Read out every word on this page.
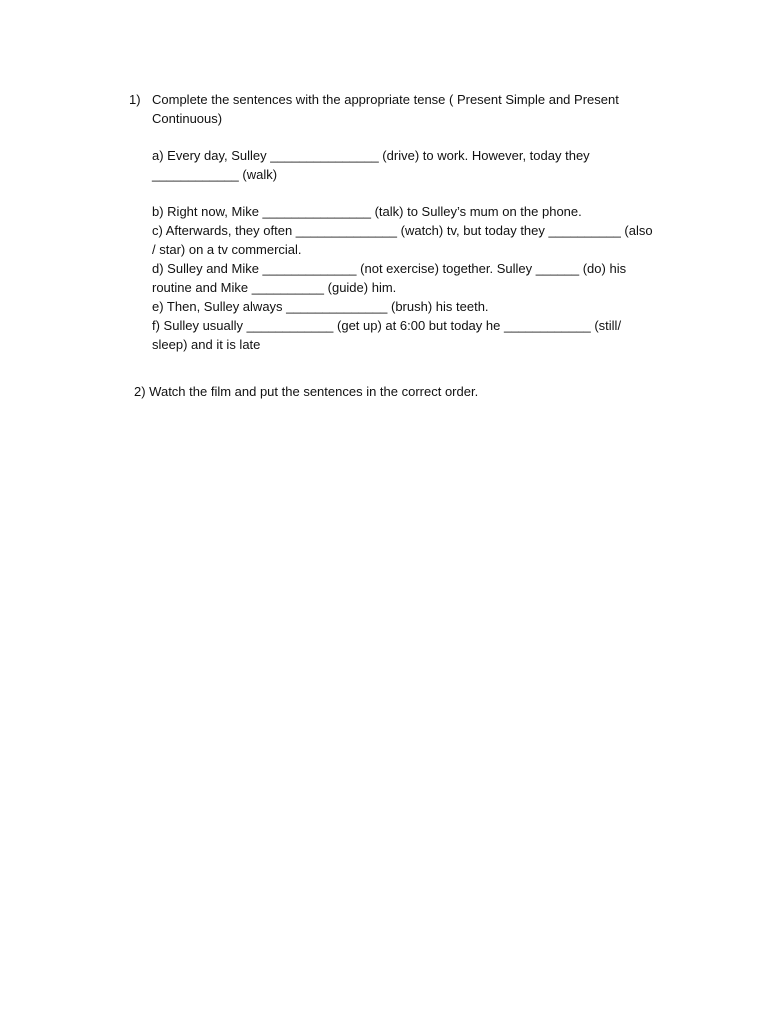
1) Complete the sentences with the appropriate tense ( Present Simple and Present Continuous)

a) Every day, Sulley _______________ (drive) to work. However, today they ____________ (walk)

b) Right now, Mike _______________ (talk) to Sulley’s mum on the phone.

c) Afterwards, they often ______________ (watch) tv, but today they __________ (also / star) on a tv commercial.

d) Sulley and Mike _____________ (not exercise) together. Sulley ______ (do) his routine and Mike __________ (guide) him.

e) Then, Sulley always ______________ (brush) his teeth.

f) Sulley usually ____________ (get up) at 6:00 but today he ____________ (still/ sleep) and it is late

2) Watch the film and put the sentences in the correct order.
